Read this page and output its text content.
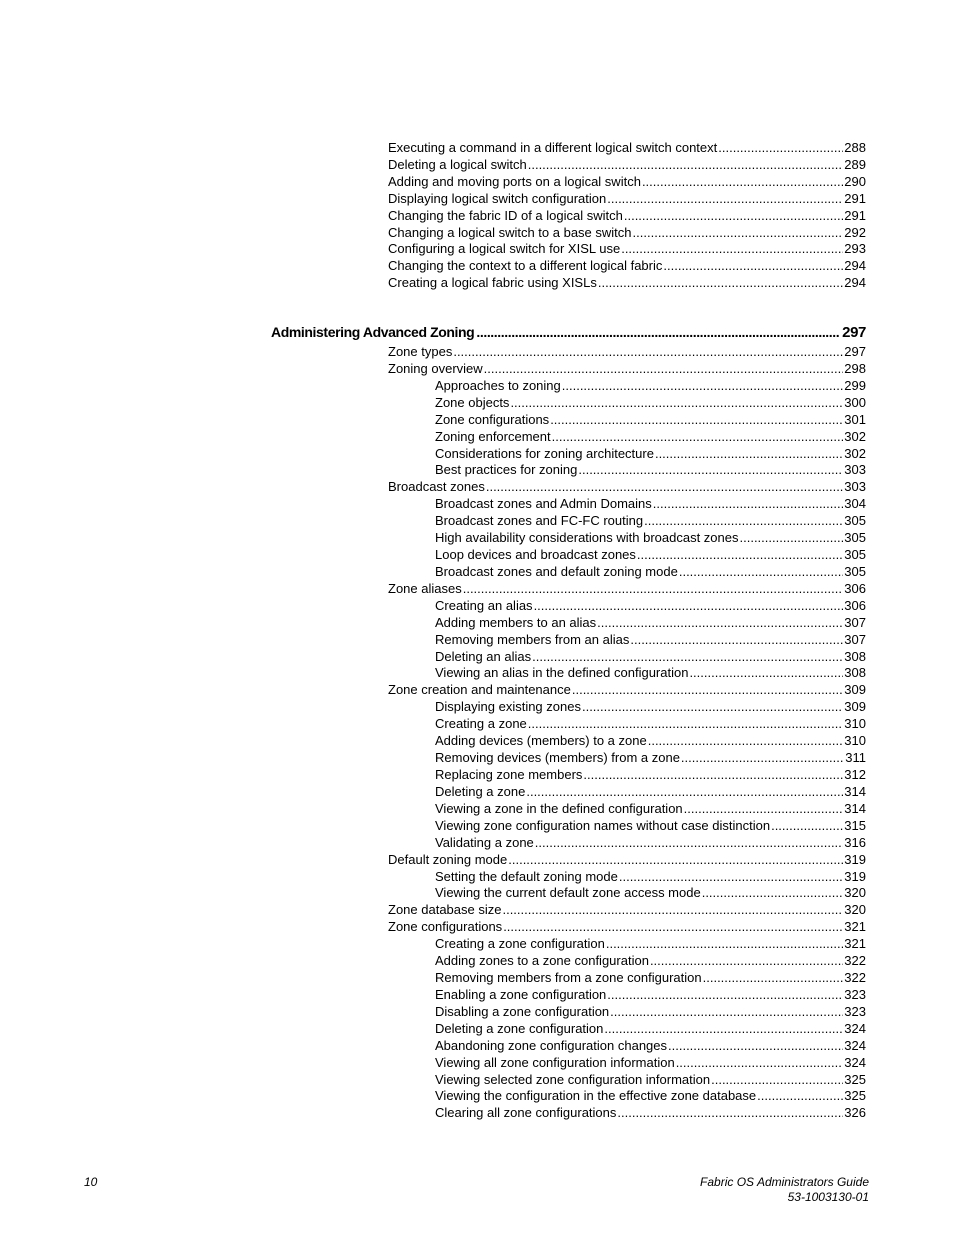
Executing a command in a different logical switch context .....	288
Deleting a logical switch .....	289
Adding and moving ports on a logical switch .....	290
Displaying logical switch configuration .....	291
Changing the fabric ID of a logical switch .....	291
Changing a logical switch to a base switch .....	292
Configuring a logical switch for XISL use .....	293
Changing the context to a different logical fabric .....	294
Creating a logical fabric using XISLs .....	294
Administering Advanced Zoning .....	297
Zone types .....	297
Zoning overview .....	298
Approaches to zoning .....	299
Zone objects .....	300
Zone configurations .....	301
Zoning enforcement .....	302
Considerations for zoning architecture .....	302
Best practices for zoning .....	303
Broadcast zones .....	303
Broadcast zones and Admin Domains .....	304
Broadcast zones and FC-FC routing .....	305
High availability considerations with broadcast zones .....	305
Loop devices and broadcast zones .....	305
Broadcast zones and default zoning mode .....	305
Zone aliases .....	306
Creating an alias .....	306
Adding members to an alias .....	307
Removing members from an alias .....	307
Deleting an alias .....	308
Viewing an alias in the defined configuration .....	308
Zone creation and maintenance .....	309
Displaying existing zones .....	309
Creating a zone .....	310
Adding devices (members) to a zone .....	310
Removing devices (members) from a zone .....	311
Replacing zone members .....	312
Deleting a zone .....	314
Viewing a zone in the defined configuration .....	314
Viewing zone configuration names without case distinction .....	315
Validating a zone .....	316
Default zoning mode .....	319
Setting the default zoning mode .....	319
Viewing the current default zone access mode .....	320
Zone database size .....	320
Zone configurations .....	321
Creating a zone configuration .....	321
Adding zones to a zone configuration .....	322
Removing members from a zone configuration .....	322
Enabling a zone configuration .....	323
Disabling a zone configuration .....	323
Deleting a zone configuration .....	324
Abandoning zone configuration changes .....	324
Viewing all zone configuration information .....	324
Viewing selected zone configuration information .....	325
Viewing the configuration in the effective zone database .....	325
Clearing all zone configurations .....	326
10	Fabric OS Administrators Guide
53-1003130-01
